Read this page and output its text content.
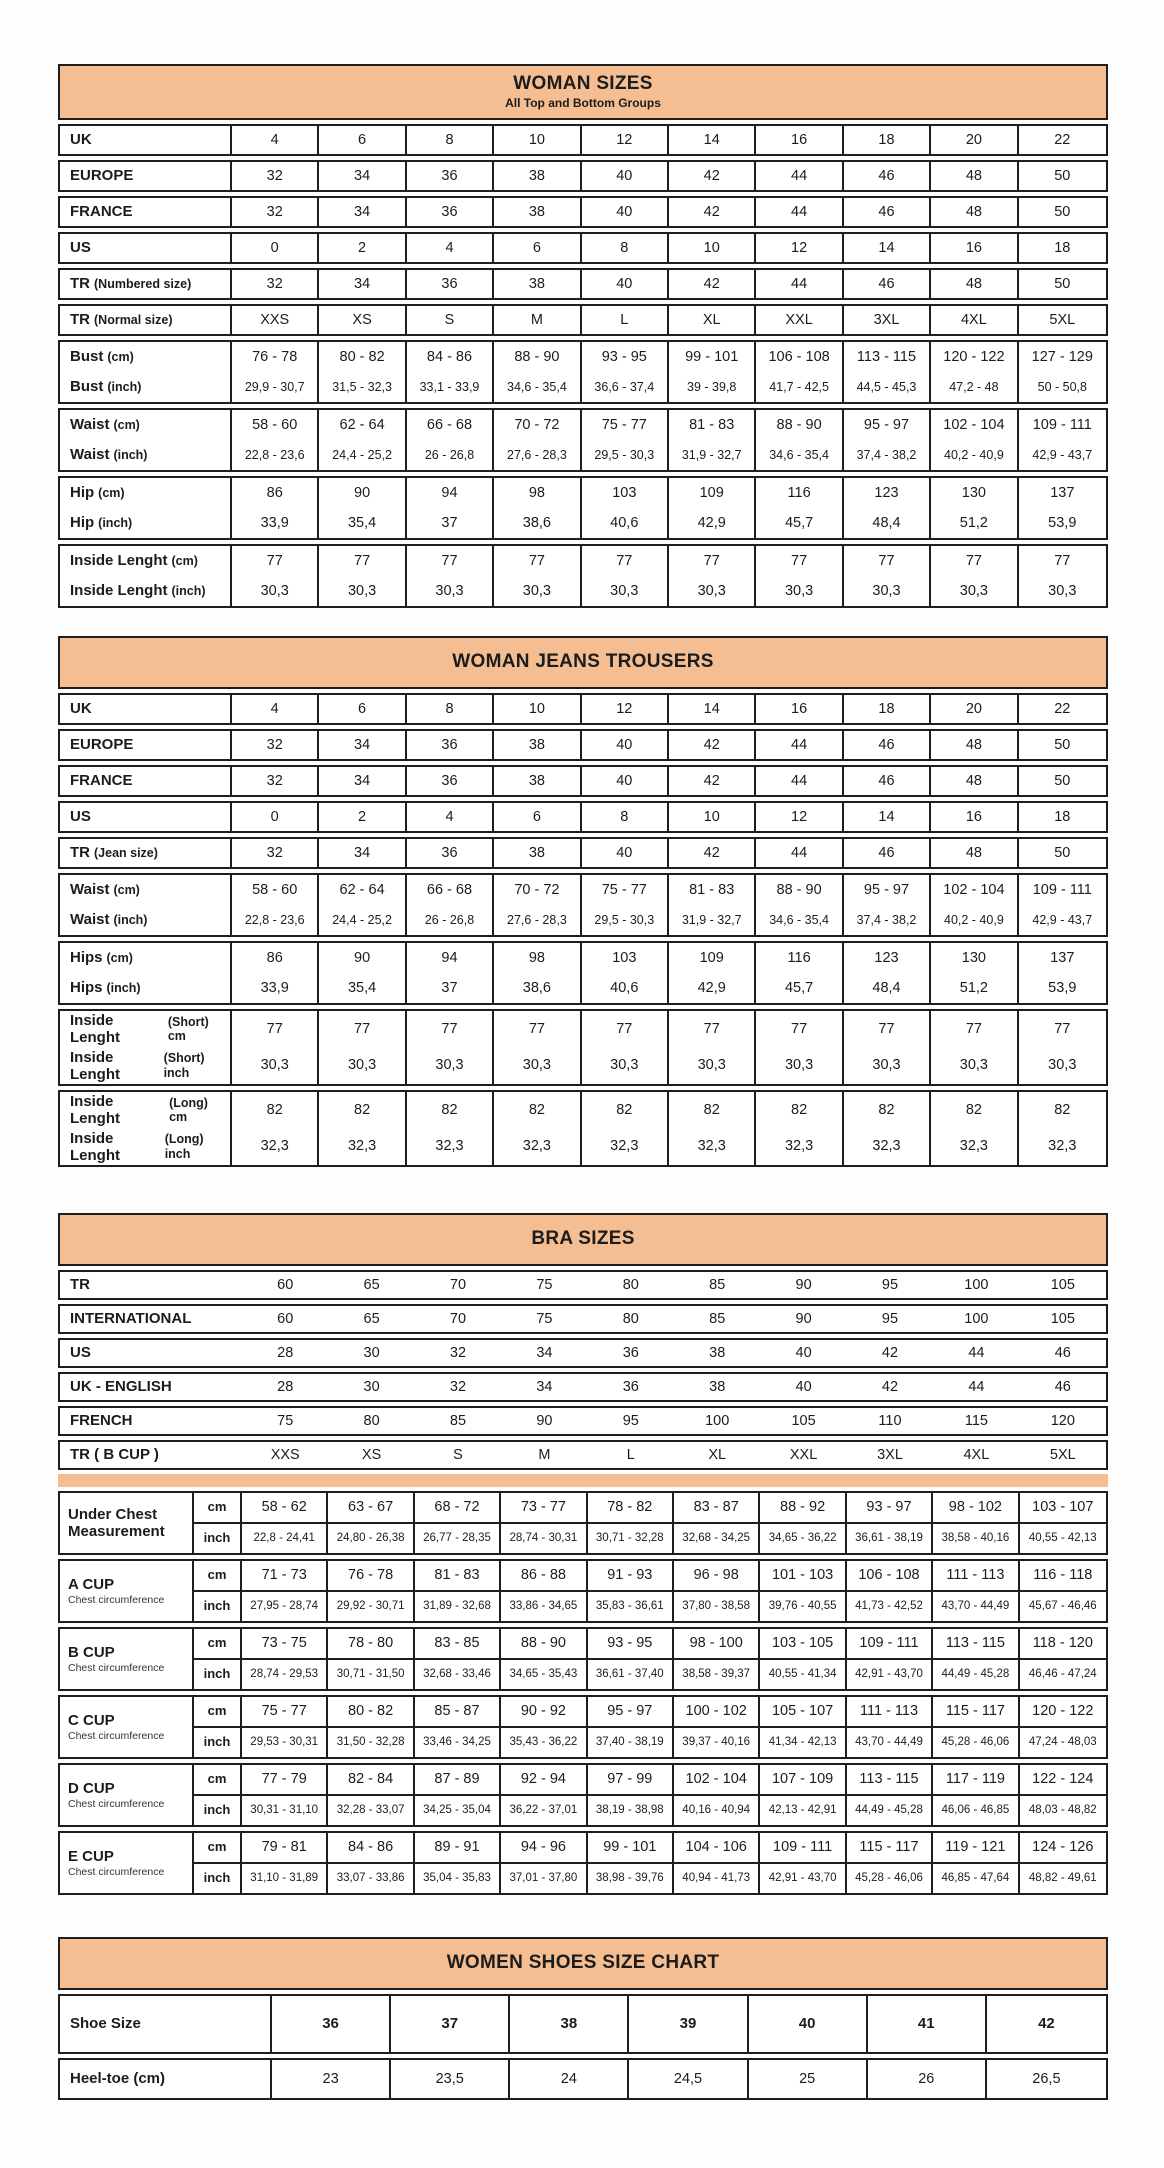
WOMAN SIZES
All Top and Bottom Groups
UK	4	6	8	10	12	14	16	18	20	22
EUROPE	32	34	36	38	40	42	44	46	48	50
FRANCE	32	34	36	38	40	42	44	46	48	50
US	0	2	4	6	8	10	12	14	16	18
TR (Numbered size)	32	34	36	38	40	42	44	46	48	50
TR (Normal size)	XXS	XS	S	M	L	XL	XXL	3XL	4XL	5XL
Bust (cm)	76 - 78	80 - 82	84 - 86	88 - 90	93 - 95	99 - 101	106 - 108	113 - 115	120 - 122	127 - 129
Bust (inch)	29,9 - 30,7	31,5 - 32,3	33,1 - 33,9	34,6 - 35,4	36,6 - 37,4	39 - 39,8	41,7 - 42,5	44,5 - 45,3	47,2 - 48	50 - 50,8
Waist (cm)	58 - 60	62 - 64	66 - 68	70 - 72	75 - 77	81 - 83	88 - 90	95 - 97	102 - 104	109 - 111
Waist (inch)	22,8 - 23,6	24,4 - 25,2	26 - 26,8	27,6 - 28,3	29,5 - 30,3	31,9 - 32,7	34,6 - 35,4	37,4 - 38,2	40,2 - 40,9	42,9 - 43,7
Hip (cm)	86	90	94	98	103	109	116	123	130	137
Hip (inch)	33,9	35,4	37	38,6	40,6	42,9	45,7	48,4	51,2	53,9
Inside Lenght (cm)	77	77	77	77	77	77	77	77	77	77
Inside Lenght (inch)	30,3	30,3	30,3	30,3	30,3	30,3	30,3	30,3	30,3	30,3
WOMAN JEANS TROUSERS
UK	4	6	8	10	12	14	16	18	20	22
EUROPE	32	34	36	38	40	42	44	46	48	50
FRANCE	32	34	36	38	40	42	44	46	48	50
US	0	2	4	6	8	10	12	14	16	18
TR (Jean size)	32	34	36	38	40	42	44	46	48	50
Waist (cm)	58 - 60	62 - 64	66 - 68	70 - 72	75 - 77	81 - 83	88 - 90	95 - 97	102 - 104	109 - 111
Waist (inch)	22,8 - 23,6	24,4 - 25,2	26 - 26,8	27,6 - 28,3	29,5 - 30,3	31,9 - 32,7	34,6 - 35,4	37,4 - 38,2	40,2 - 40,9	42,9 - 43,7
Hips (cm)	86	90	94	98	103	109	116	123	130	137
Hips (inch)	33,9	35,4	37	38,6	40,6	42,9	45,7	48,4	51,2	53,9
Inside Lenght
(Short) cm	77	77	77	77	77	77	77	77	77	77
Inside Lenght
(Short) inch	30,3	30,3	30,3	30,3	30,3	30,3	30,3	30,3	30,3	30,3
Inside Lenght
(Long) cm	82	82	82	82	82	82	82	82	82	82
Inside Lenght
(Long) inch	32,3	32,3	32,3	32,3	32,3	32,3	32,3	32,3	32,3	32,3
BRA SIZES
TR	60	65	70	75	80	85	90	95	100	105
INTERNATIONAL	60	65	70	75	80	85	90	95	100	105
US	28	30	32	34	36	38	40	42	44	46
UK - ENGLISH	28	30	32	34	36	38	40	42	44	46
FRENCH	75	80	85	90	95	100	105	110	115	120
TR ( B CUP )	XXS	XS	S	M	L	XL	XXL	3XL	4XL	5XL
Under Chest Measurement
cm	58 - 62	63 - 67	68 - 72	73 - 77	78 - 82	83 - 87	88 - 92	93 - 97	98 - 102	103 - 107
inch	22,8 - 24,41	24,80 - 26,38	26,77 - 28,35	28,74 - 30,31	30,71 - 32,28	32,68 - 34,25	34,65 - 36,22	36,61 - 38,19	38,58 - 40,16	40,55 - 42,13
A CUP
Chest circumference
cm	71 - 73	76 - 78	81 - 83	86 - 88	91 - 93	96 - 98	101 - 103	106 - 108	111 - 113	116 - 118
inch	27,95 - 28,74	29,92 - 30,71	31,89 - 32,68	33,86 - 34,65	35,83 - 36,61	37,80 - 38,58	39,76 - 40,55	41,73 - 42,52	43,70 - 44,49	45,67 - 46,46
B CUP
Chest circumference
cm	73 - 75	78 - 80	83 - 85	88 - 90	93 - 95	98 - 100	103 - 105	109 - 111	113 - 115	118 - 120
inch	28,74 - 29,53	30,71 - 31,50	32,68 - 33,46	34,65 - 35,43	36,61 - 37,40	38,58 - 39,37	40,55 - 41,34	42,91 - 43,70	44,49 - 45,28	46,46 - 47,24
C CUP
Chest circumference
cm	75 - 77	80 - 82	85 - 87	90 - 92	95 - 97	100 - 102	105 - 107	111 - 113	115 - 117	120 - 122
inch	29,53 - 30,31	31,50 - 32,28	33,46 - 34,25	35,43 - 36,22	37,40 - 38,19	39,37 - 40,16	41,34 - 42,13	43,70 - 44,49	45,28 - 46,06	47,24 - 48,03
D CUP
Chest circumference
cm	77 - 79	82 - 84	87 - 89	92 - 94	97 - 99	102 - 104	107 - 109	113 - 115	117 - 119	122 - 124
inch	30,31 - 31,10	32,28 - 33,07	34,25 - 35,04	36,22 - 37,01	38,19 - 38,98	40,16 - 40,94	42,13 - 42,91	44,49 - 45,28	46,06 - 46,85	48,03 - 48,82
E CUP
Chest circumference
cm	79 - 81	84 - 86	89 - 91	94 - 96	99 - 101	104 - 106	109 - 111	115 - 117	119 - 121	124 - 126
inch	31,10 - 31,89	33,07 - 33,86	35,04 - 35,83	37,01 - 37,80	38,98 - 39,76	40,94 - 41,73	42,91 - 43,70	45,28 - 46,06	46,85 - 47,64	48,82 - 49,61
WOMEN SHOES SIZE CHART
Shoe Size	36	37	38	39	40	41	42
Heel-toe (cm)	23	23,5	24	24,5	25	26	26,5
